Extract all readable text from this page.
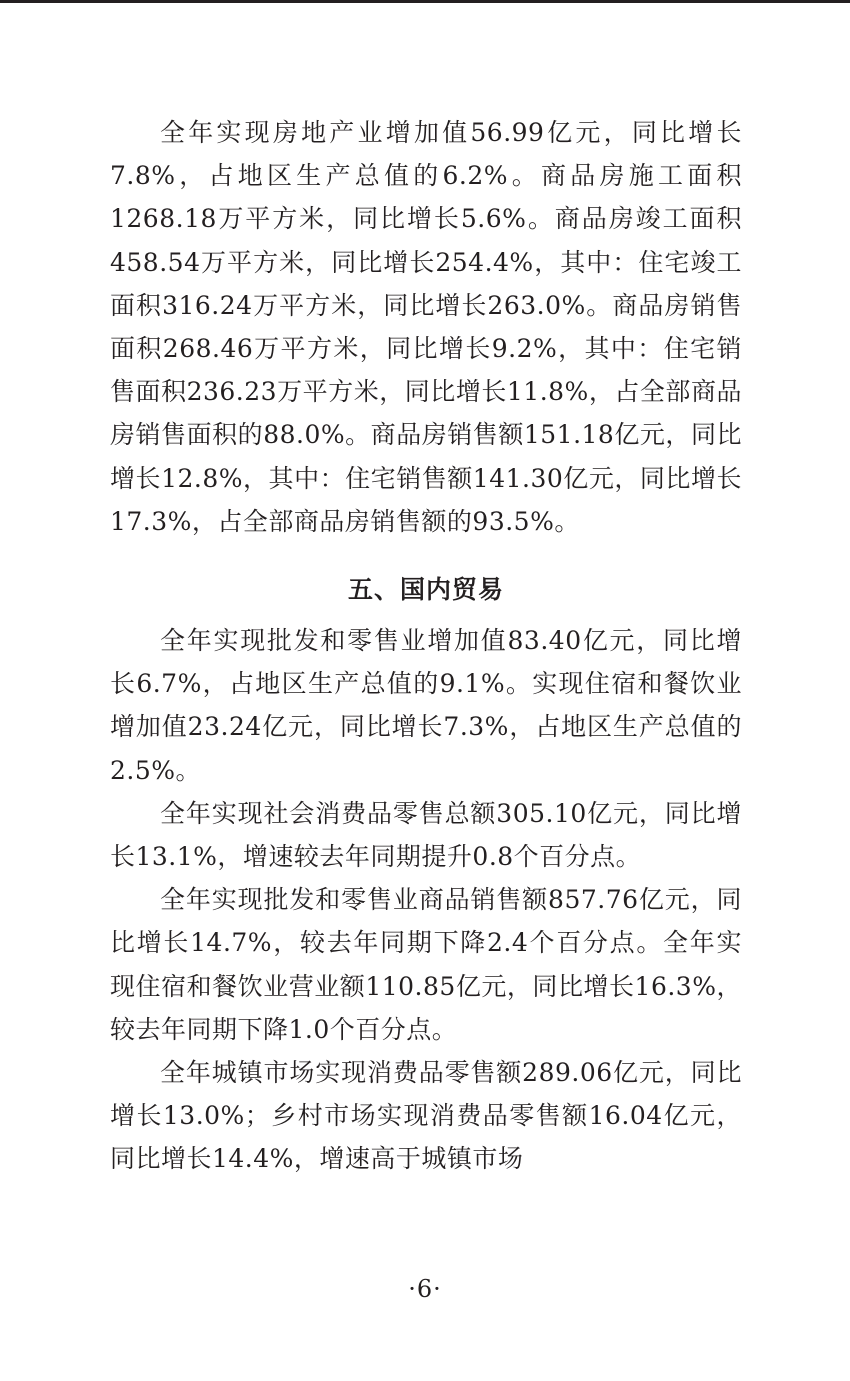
全年实现房地产业增加值56.99亿元，同比增长7.8%，占地区生产总值的6.2%。商品房施工面积1268.18万平方米，同比增长5.6%。商品房竣工面积458.54万平方米，同比增长254.4%，其中：住宅竣工面积316.24万平方米，同比增长263.0%。商品房销售面积268.46万平方米，同比增长9.2%，其中：住宅销售面积236.23万平方米，同比增长11.8%，占全部商品房销售面积的88.0%。商品房销售额151.18亿元，同比增长12.8%，其中：住宅销售额141.30亿元，同比增长17.3%，占全部商品房销售额的93.5%。

五、国内贸易

全年实现批发和零售业增加值83.40亿元，同比增长6.7%，占地区生产总值的9.1%。实现住宿和餐饮业增加值23.24亿元，同比增长7.3%，占地区生产总值的2.5%。

全年实现社会消费品零售总额305.10亿元，同比增长13.1%，增速较去年同期提升0.8个百分点。

全年实现批发和零售业商品销售额857.76亿元，同比增长14.7%，较去年同期下降2.4个百分点。全年实现住宿和餐饮业营业额110.85亿元，同比增长16.3%，较去年同期下降1.0个百分点。

全年城镇市场实现消费品零售额289.06亿元，同比增长13.0%；乡村市场实现消费品零售额16.04亿元，同比增长14.4%，增速高于城镇市场

·6·
